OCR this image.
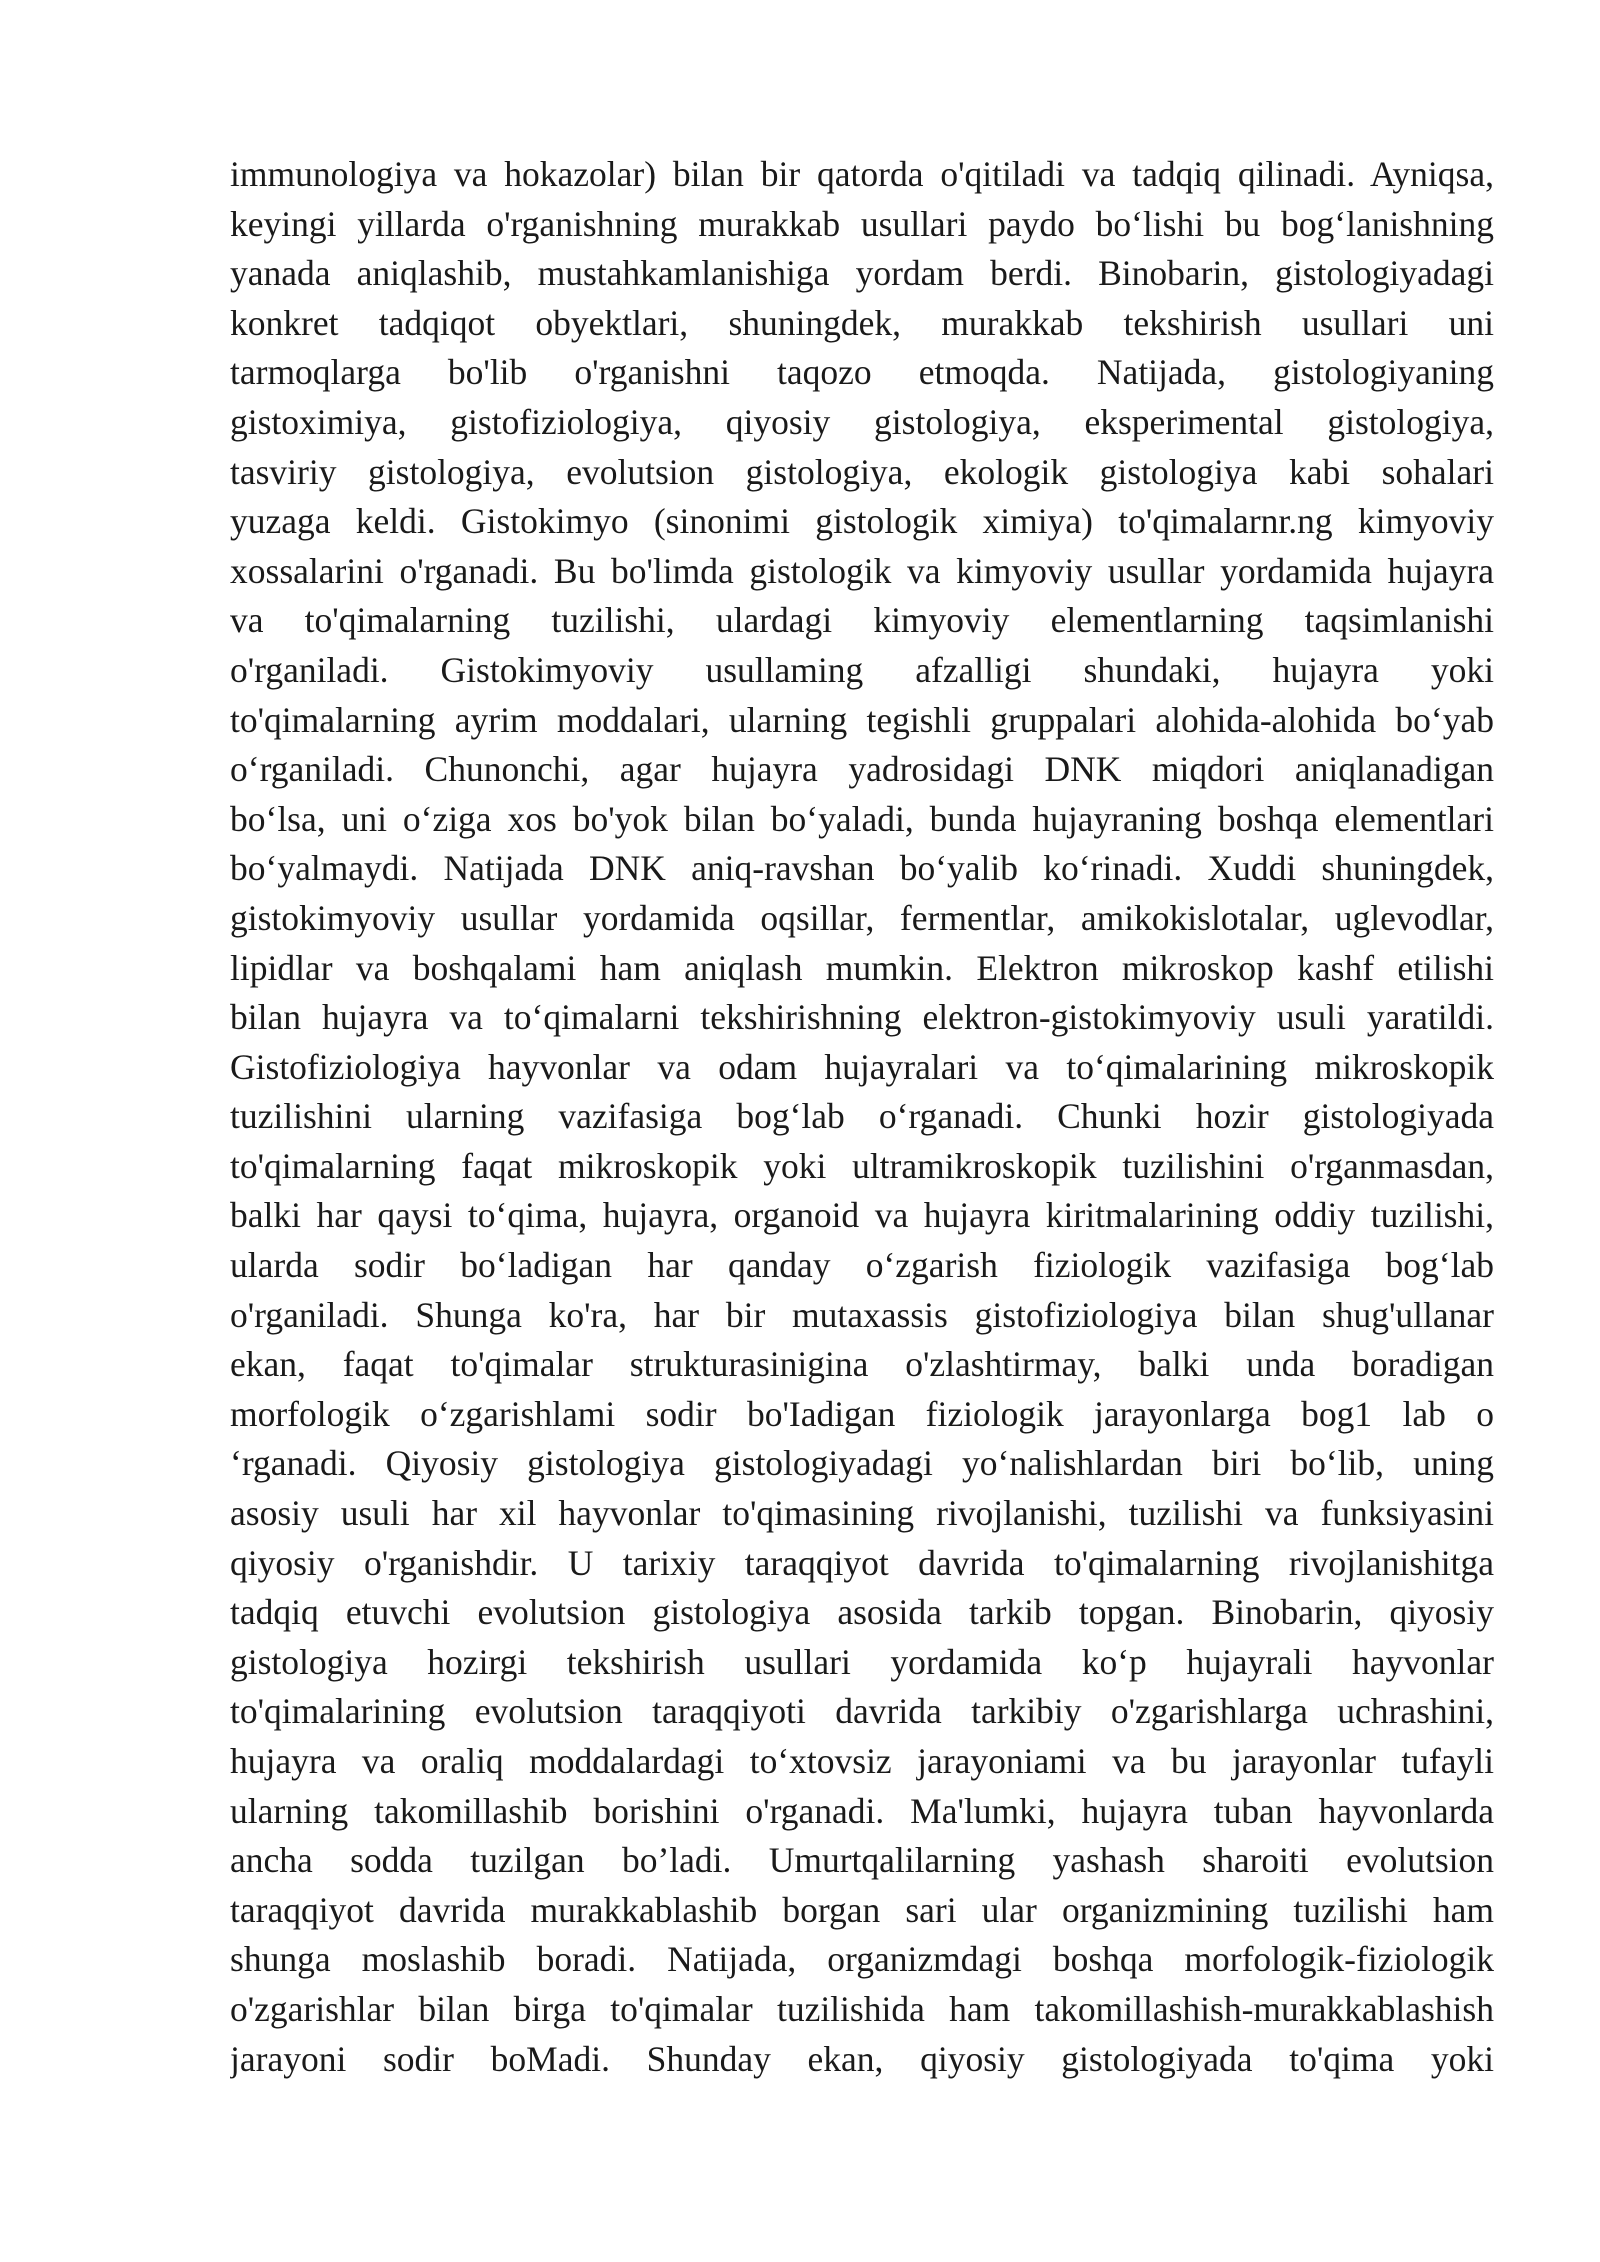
immunologiya va hokazolar) bilan bir qatorda o'qitiladi va tadqiq qilinadi. Ayniqsa,
keyingi yillarda o'rganishning murakkab usullari paydo bo‘lishi bu bog‘lanishning
yanada aniqlashib, mustahkamlanishiga yordam berdi. Binobarin, gistologiyadagi
konkret tadqiqot obyektlari, shuningdek, murakkab tekshirish usullari uni
tarmoqlarga bo'lib o'rganishni taqozo etmoqda. Natijada, gistologiyaning
gistoximiya, gistofiziologiya, qiyosiy gistologiya, eksperimental gistologiya,
tasviriy gistologiya, evolutsion gistologiya, ekologik gistologiya kabi sohalari
yuzaga keldi. Gistokimyo (sinonimi gistologik ximiya) to'qimalarnr.ng kimyoviy
xossalarini o'rganadi. Bu bo'limda gistologik va kimyoviy usullar yordamida hujayra
va to'qimalarning tuzilishi, ulardagi kimyoviy elementlarning taqsimlanishi
o'rganiladi. Gistokimyoviy usullaming afzalligi shundaki, hujayra yoki
to'qimalarning ayrim moddalari, ularning tegishli gruppalari alohida-alohida bo‘yab
o‘rganiladi. Chunonchi, agar hujayra yadrosidagi DNK miqdori aniqlanadigan
bo‘lsa, uni o‘ziga xos bo'yok bilan bo‘yaladi, bunda hujayraning boshqa elementlari
bo‘yalmaydi. Natijada DNK aniq-ravshan bo‘yalib ko‘rinadi. Xuddi shuningdek,
gistokimyoviy usullar yordamida oqsillar, fermentlar, amikokislotalar, uglevodlar,
lipidlar va boshqalami ham aniqlash mumkin. Elektron mikroskop kashf etilishi
bilan hujayra va to‘qimalarni tekshirishning elektron-gistokimyoviy usuli yaratildi.
Gistofiziologiya hayvonlar va odam hujayralari va to‘qimalarining mikroskopik
tuzilishini ularning vazifasiga bog‘lab o‘rganadi. Chunki hozir gistologiyada
to'qimalarning faqat mikroskopik yoki ultramikroskopik tuzilishini o'rganmasdan,
balki har qaysi to‘qima, hujayra, organoid va hujayra kiritmalarining oddiy tuzilishi,
ularda sodir bo‘ladigan har qanday o‘zgarish fiziologik vazifasiga bog‘lab
o'rganiladi. Shunga ko'ra, har bir mutaxassis gistofiziologiya bilan shug'ullanar
ekan, faqat to'qimalar strukturasinigina o'zlashtirmay, balki unda boradigan
morfologik o‘zgarishlami sodir bo'Iadigan fiziologik jarayonlarga bog1 lab o
‘rganadi. Qiyosiy gistologiya gistologiyadagi yo‘nalishlardan biri bo‘lib, uning
asosiy usuli har xil hayvonlar to'qimasining rivojlanishi, tuzilishi va funksiyasini
qiyosiy o'rganishdir. U tarixiy taraqqiyot davrida to'qimalarning rivojlanishitga
tadqiq etuvchi evolutsion gistologiya asosida tarkib topgan. Binobarin, qiyosiy
gistologiya hozirgi tekshirish usullari yordamida ko‘p hujayrali hayvonlar
to'qimalarining evolutsion taraqqiyoti davrida tarkibiy o'zgarishlarga uchrashini,
hujayra va oraliq moddalardagi to‘xtovsiz jarayoniami va bu jarayonlar tufayli
ularning takomillashib borishini o'rganadi. Ma'lumki, hujayra tuban hayvonlarda
ancha sodda tuzilgan bo’ladi. Umurtqalilarning yashash sharoiti evolutsion
taraqqiyot davrida murakkablashib borgan sari ular organizmining tuzilishi ham
shunga moslashib boradi. Natijada, organizmdagi boshqa morfologik-fiziologik
o'zgarishlar bilan birga to'qimalar tuzilishida ham takomillashish-murakkablashish
jarayoni sodir boMadi. Shunday ekan, qiyosiy gistologiyada to'qima yoki
